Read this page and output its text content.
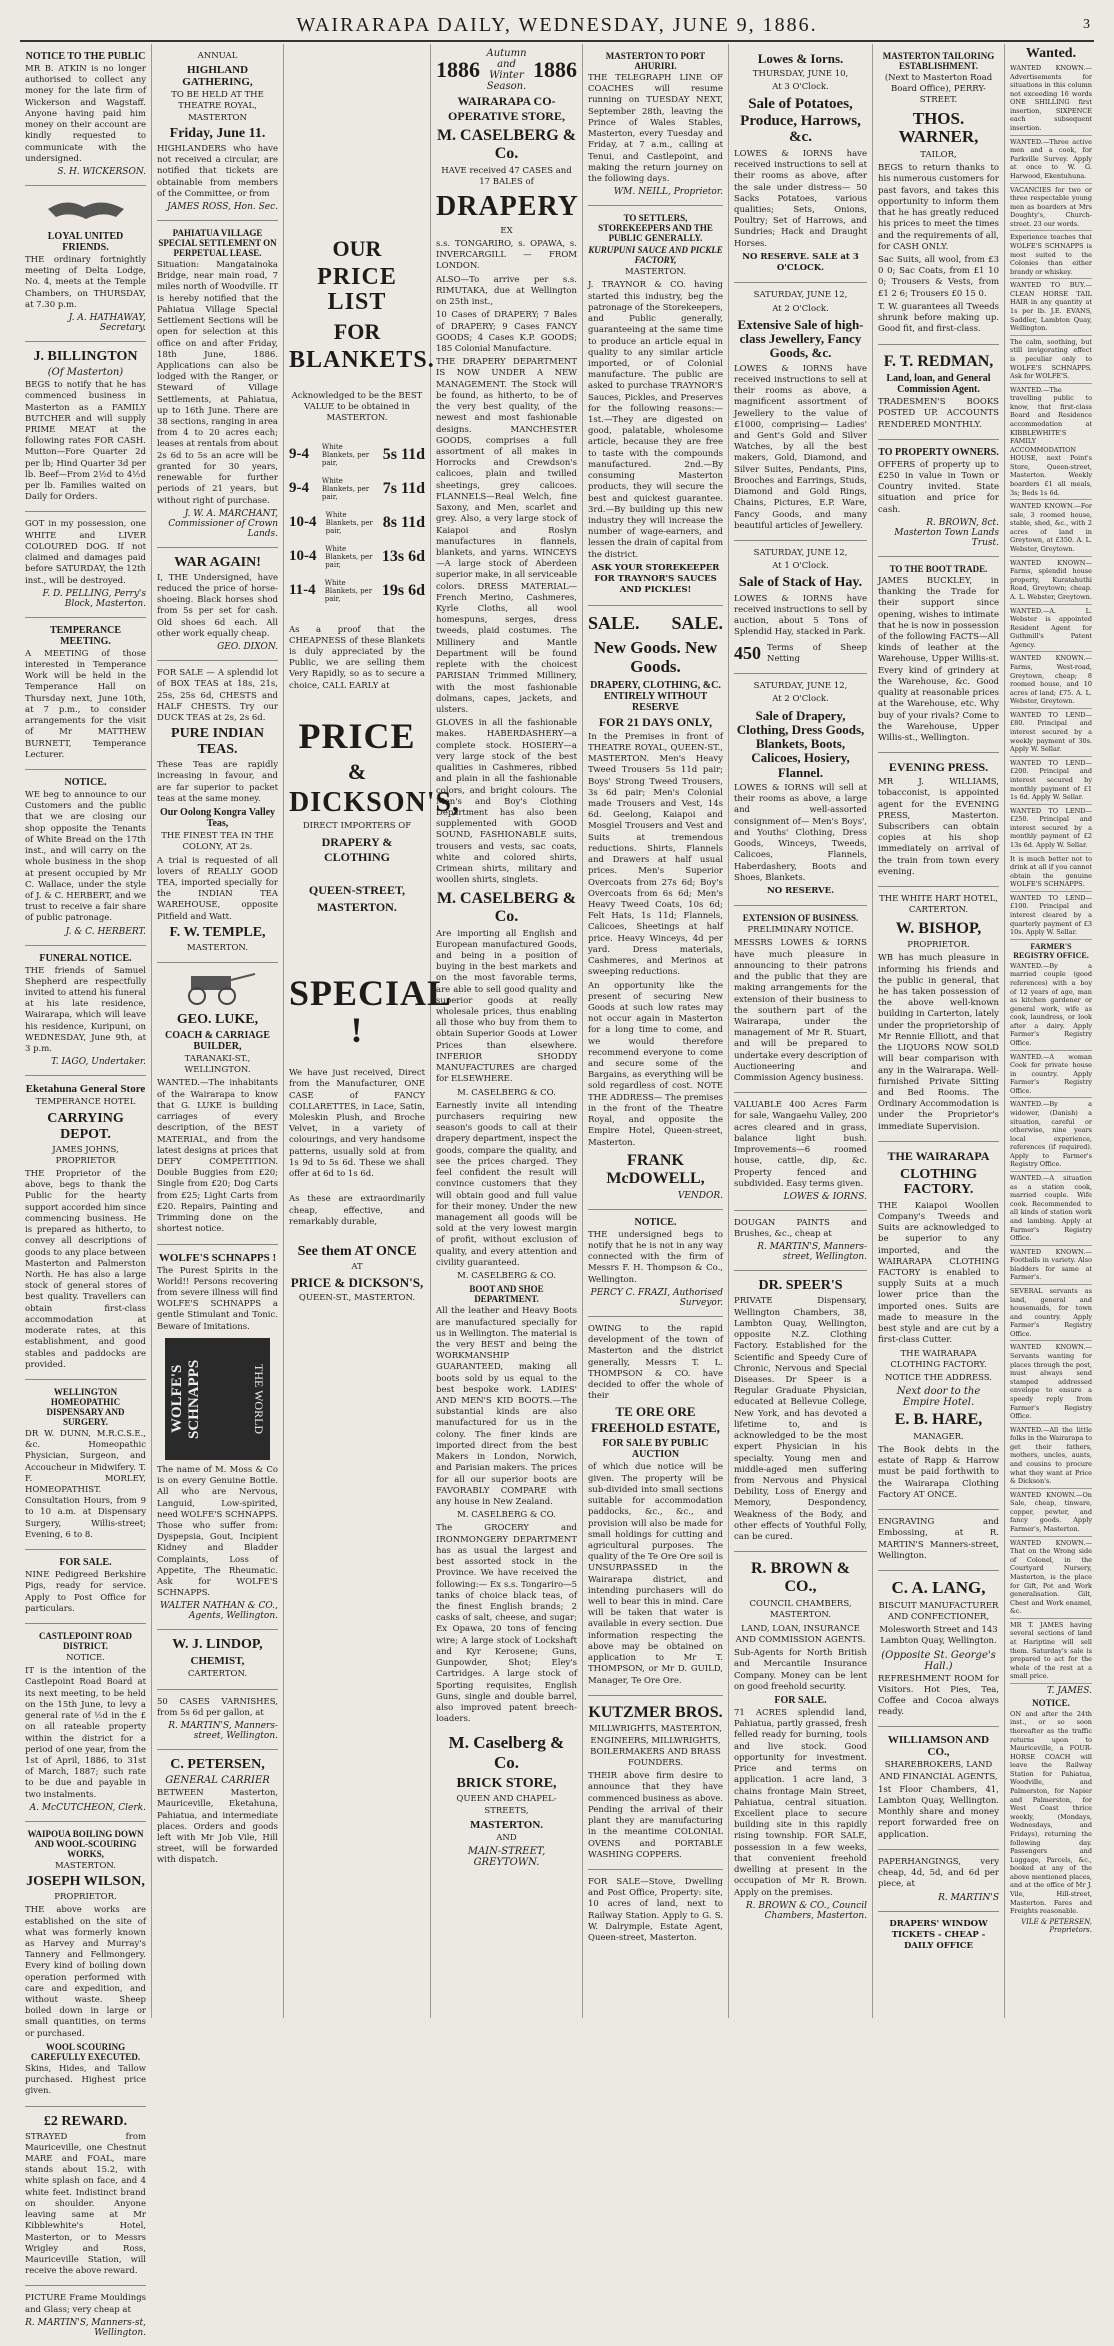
3
WAIRARAPA DAILY, WEDNESDAY, JUNE 9, 1886.
NOTICE TO THE PUBLIC
MR B. ATKIN is no longer authorised to collect any money for the late firm of Wickerson and Wagstaff. Anyone having paid him money on their account are kindly requested to communicate with the undersigned.
S. H. WICKERSON.
LOYAL UNITED FRIENDS.
THE ordinary fortnightly meeting of Delta Lodge, No. 4, meets at the Temple Chambers, on THURSDAY, at 7.30 p.m.
J. A. HATHAWAY, Secretary.
J. BILLINGTON
(Of Masterton)
BEGS to notify that he has commenced business in Masterton as a FAMILY BUTCHER and will supply PRIME MEAT at the following rates FOR CASH. Mutton—Fore Quarter 2d per lb; Hind Quarter 3d per lb. Beef—From 2½d to 4½d per lb. Families waited on Daily for Orders.
GOT in my possession, one WHITE and LIVER COLOURED DOG. If not claimed and damages paid before SATURDAY, the 12th inst., will be destroyed.
F. D. PELLING, Perry's Block, Masterton.
TEMPERANCE MEETING.
A MEETING of those interested in Temperance Work will be held in the Temperance Hall on Thursday next, June 10th, at 7 p.m., to consider arrangements for the visit of Mr MATTHEW BURNETT, Temperance Lecturer.
NOTICE.
WE beg to announce to our Customers and the public that we are closing our shop opposite the Tenants of White Bread on the 17th inst., and will carry on the whole business in the shop at present occupied by Mr C. Wallace, under the style of J. & C. HERBERT, and we trust to receive a fair share of public patronage.
J. & C. HERBERT.
FUNERAL NOTICE.
THE friends of Samuel Shepherd are respectfully invited to attend his funeral at his late residence, Wairarapa, which will leave his residence, Kuripuni, on WEDNESDAY, June 9th, at 3 p.m.
T. IAGO, Undertaker.
Eketahuna General Store
TEMPERANCE HOTEL
CARRYING DEPOT.
JAMES JOHNS, PROPRIETOR
THE Proprietor of the above, begs to thank the Public for the hearty support accorded him since commencing business. He is prepared as hitherto, to convey all descriptions of goods to any place between Masterton and Palmerston North. He has also a large stock of general stores of best quality. Travellers can obtain first-class accommodation at moderate rates, at this establishment, and good stables and paddocks are provided.
WELLINGTON HOMEOPATHIC DISPENSARY AND SURGERY.
DR W. DUNN, M.R.C.S.E., &c. Homeopathic Physician, Surgeon, and Accoucheur in Midwifery. T. F. MORLEY, HOMEOPATHIST. Consultation Hours, from 9 to 10 a.m. at Dispensary Surgery, Willis-street; Evening, 6 to 8.
FOR SALE.
NINE Pedigreed Berkshire Pigs, ready for service. Apply to Post Office for particulars.
CASTLEPOINT ROAD DISTRICT.
NOTICE.
IT is the intention of the Castlepoint Road Board at its next meeting, to be held on the 15th June, to levy a general rate of ½d in the £ on all rateable property within the district for a period of one year, from the 1st of April, 1886, to 31st of March, 1887; such rate to be due and payable in two instalments.
A. McCUTCHEON, Clerk.
WAIPOUA BOILING DOWN AND WOOL-SCOURING WORKS,
MASTERTON.
JOSEPH WILSON,
PROPRIETOR.
THE above works are established on the site of what was formerly known as Harvey and Murray's Tannery and Fellmongery. Every kind of boiling down operation performed with care and expedition, and without waste. Sheep boiled down in large or small quantities, on terms or purchased.
WOOL SCOURING CAREFULLY EXECUTED.
Skins, Hides, and Tallow purchased. Highest price given.
£2 REWARD.
STRAYED from Mauriceville, one Chestnut MARE and FOAL, mare stands about 15.2, with white splash on face, and 4 white feet. Indistinct brand on shoulder. Anyone leaving same at Mr Kibblewhite's Hotel, Masterton, or to Messrs Wrigley and Ross, Mauriceville Station, will receive the above reward.
PICTURE Frame Mouldings and Glass; very cheap at
R. MARTIN'S, Manners-st, Wellington.
ANNUAL
HIGHLAND GATHERING,
TO BE HELD AT THE THEATRE ROYAL, MASTERTON
Friday, June 11.
HIGHLANDERS who have not received a circular, are notified that tickets are obtainable from members of the Committee, or from
JAMES ROSS, Hon. Sec.
PAHIATUA VILLAGE SPECIAL SETTLEMENT ON PERPETUAL LEASE.
Situation: Mangatainoka Bridge, near main road, 7 miles north of Woodville. IT is hereby notified that the Pahiatua Village Special Settlement Sections will be open for selection at this office on and after Friday, 18th June, 1886. Applications can also be lodged with the Ranger, or Steward of Village Settlements, at Pahiatua, up to 16th June. There are 38 sections, ranging in area from 4 to 20 acres each; leases at rentals from about 2s 6d to 5s an acre will be granted for 30 years, renewable for further periods of 21 years, but without right of purchase.
J. W. A. MARCHANT, Commissioner of Crown Lands.
WAR AGAIN!
I, THE Undersigned, have reduced the price of horse-shoeing. Black horses shod from 5s per set for cash. Old shoes 6d each. All other work equally cheap.
GEO. DIXON.
FOR SALE — A splendid lot of BOX TEAS at 18s, 21s, 25s, 25s 6d, CHESTS and HALF CHESTS. Try our DUCK TEAS at 2s, 2s 6d.
PURE INDIAN TEAS.
These Teas are rapidly increasing in favour, and are far superior to packet teas at the same money.
Our Oolong Kongra Valley Teas,
THE FINEST TEA IN THE COLONY, AT 2s.
A trial is requested of all lovers of REALLY GOOD TEA, imported specially for the INDIAN TEA WAREHOUSE, opposite Pitfield and Watt.
F. W. TEMPLE,
MASTERTON.
GEO. LUKE,
COACH & CARRIAGE BUILDER,
TARANAKI-ST., WELLINGTON.
WANTED.—The inhabitants of the Wairarapa to know that G. LUKE is building carriages of every description, of the BEST MATERIAL, and from the latest designs at prices that DEFY COMPETITION. Double Buggies from £20; Single from £20; Dog Carts from £25; Light Carts from £20. Repairs, Painting and Trimming done on the shortest notice.
WOLFE'S SCHNAPPS !
The Purest Spirits in the World!! Persons recovering from severe illness will find WOLFE'S SCHNAPPS a gentle Stimulant and Tonic. Beware of Imitations.
WOLFE'S SCHNAPPS	THE WORLD
The name of M. Moss & Co is on every Genuine Bottle. All who are Nervous, Languid, Low-spirited, need WOLFE'S SCHNAPPS. Those who suffer from: Dyspepsia, Gout, Incipient Kidney and Bladder Complaints, Loss of Appetite, The Rheumatic. Ask for WOLFE'S SCHNAPPS.
WALTER NATHAN & CO., Agents, Wellington.
W. J. LINDOP,
CHEMIST,
CARTERTON.
50 CASES VARNISHES, from 5s 6d per gallon, at
R. MARTIN'S, Manners-street, Wellington.
C. PETERSEN,
GENERAL CARRIER
BETWEEN Masterton, Mauriceville, Eketahuna, Pahiatua, and intermediate places. Orders and goods left with Mr Job Vile, Hill street, will be forwarded with dispatch.
OUR
PRICE LIST
FOR
BLANKETS.
Acknowledged to be the BEST VALUE to be obtained in MASTERTON.
9-4 White Blankets, per pair,	5s 11d
9-4 White Blankets, per pair,	7s 11d
10-4 White Blankets, per pair,	8s 11d
10-4 White Blankets, per pair,	13s 6d
11-4 White Blankets, per pair,	19s 6d
As a proof that the CHEAPNESS of these Blankets is duly appreciated by the Public, we are selling them Very Rapidly, so as to secure a choice, CALL EARLY at
PRICE
&
DICKSON'S,
DIRECT IMPORTERS OF
DRAPERY & CLOTHING
QUEEN-STREET,
MASTERTON.
SPECIAL !
We have just received, Direct from the Manufacturer, ONE CASE of FANCY COLLARETTES, in Lace, Satin, Moleskin Plush, and Broche Velvet, in a variety of colourings, and very handsome patterns, usually sold at from 1s 9d to 5s 6d. These we shall offer at 6d to 1s 6d.
As these are extraordinarily cheap, effective, and remarkably durable,
See them AT ONCE
AT
PRICE & DICKSON'S,
QUEEN-ST., MASTERTON.
1886
Autumn and Winter Season.
1886
WAIRARAPA CO-OPERATIVE STORE,
M. CASELBERG & Co.
HAVE received 47 CASES and 17 BALES of
DRAPERY
EX
s.s. TONGARIRO, s. OPAWA, s. INVERCARGILL — FROM LONDON.
ALSO—To arrive per s.s. RIMUTAKA, due at Wellington on 25th inst.,
10 Cases of DRAPERY; 7 Bales of DRAPERY; 9 Cases FANCY GOODS; 4 Cases K.P. GOODS; 185 Colonial Manufacture.
THE DRAPERY DEPARTMENT IS NOW UNDER A NEW MANAGEMENT. The Stock will be found, as hitherto, to be of the very best quality, of the newest and most fashionable designs. MANCHESTER GOODS, comprises a full assortment of all makes in Horrocks and Crewdson's calicoes, plain and twilled sheetings, grey calicoes. FLANNELS—Real Welch, fine Saxony, and Men, scarlet and grey. Also, a very large stock of Kaiapoi and Roslyn manufactures in flannels, blankets, and yarns. WINCEYS—A large stock of Aberdeen superior make, in all serviceable colors. DRESS MATERIAL—French Merino, Cashmeres, Kyrle Cloths, all wool homespuns, serges, dress tweeds, plaid costumes. The Millinery and Mantle Department will be found replete with the choicest PARISIAN Trimmed Millinery, with the most fashionable dolmans, capes, jackets, and ulsters.
GLOVES in all the fashionable makes. HABERDASHERY—a complete stock. HOSIERY—a very large stock of the best qualities in Cashmeres, ribbed and plain in all the fashionable colors, and bright colours. The Men's and Boy's Clothing Department has also been supplemented with GOOD SOUND, FASHIONABLE suits, trousers and vests, sac coats, white and colored shirts, Crimean shirts, military and woollen shirts, singlets.
M. CASELBERG & Co.
Are importing all English and European manufactured Goods, and being in a position of buying in the best markets and on the most favorable terms, are able to sell good quality and superior goods at really wholesale prices, thus enabling all those who buy from them to obtain Superior Goods at Lower Prices than elsewhere. INFERIOR SHODDY MANUFACTURES are charged for ELSEWHERE.
M. CASELBERG & CO.
Earnestly invite all intending purchasers requiring new season's goods to call at their drapery department, inspect the goods, compare the quality, and see the prices charged. They feel confident the result will convince customers that they will obtain good and full value for their money. Under the new management all goods will be sold at the very lowest margin of profit, without exclusion of quality, and every attention and civility guaranteed.
M. CASELBERG & CO.
BOOT AND SHOE DEPARTMENT.
All the leather and Heavy Boots are manufactured specially for us in Wellington. The material is the very BEST and being the WORKMANSHIP GUARANTEED, making all boots sold by us equal to the best bespoke work. LADIES' AND MEN'S KID BOOTS.—The substantial kinds are also manufactured for us in the colony. The finer kinds are imported direct from the best Makers in London, Norwich, and Parisian makers. The prices for all our superior boots are FAVORABLY COMPARE with any house in New Zealand.
M. CASELBERG & CO.
The GROCERY and IRONMONGERY DEPARTMENT has as usual the largest and best assorted stock in the Province. We have received the following:— Ex s.s. Tongariro—5 tanks of choice black teas, of the finest English brands; 2 casks of salt, cheese, and sugar; Ex Opawa, 20 tons of fencing wire; A large stock of Lockshaft and Kyr Kerosene; Guns, Gunpowder, Shot; Eley's Cartridges. A large stock of Sporting requisites, English Guns, single and double barrel, also improved patent breech-loaders.
M. Caselberg & Co.
BRICK STORE,
QUEEN AND CHAPEL-STREETS,
MASTERTON.
AND
MAIN-STREET, GREYTOWN.
MASTERTON TO PORT AHURIRI.
THE TELEGRAPH LINE OF COACHES will resume running on TUESDAY NEXT, September 28th, leaving the Prince of Wales Stables, Masterton, every Tuesday and Friday, at 7 a.m., calling at Tenui, and Castlepoint, and making the return journey on the following days.
WM. NEILL, Proprietor.
TO SETTLERS, STOREKEEPERS AND THE PUBLIC GENERALLY.
KURUPUNI SAUCE AND PICKLE FACTORY,
MASTERTON.
J. TRAYNOR & CO. having started this industry, beg the patronage of the Storekeepers, and Public generally, guaranteeing at the same time to produce an article equal in quality to any similar article imported, or of Colonial manufacture. The public are asked to purchase TRAYNOR'S Sauces, Pickles, and Preserves for the following reasons:— 1st.—They are digested on good, palatable, wholesome article, because they are free to taste with the compounds manufactured. 2nd.—By consuming Masterton products, they will secure the best and quickest guarantee. 3rd.—By building up this new industry they will increase the number of wage-earners, and lessen the drain of capital from the district.
ASK YOUR STOREKEEPER FOR TRAYNOR'S SAUCES AND PICKLES!
SALE. SALE.
New Goods. New Goods.
DRAPERY, CLOTHING, &C. ENTIRELY WITHOUT RESERVE
FOR 21 DAYS ONLY,
In the Premises in front of THEATRE ROYAL, QUEEN-ST., MASTERTON. Men's Heavy Tweed Trousers 5s 11d pair; Boys' Strong Tweed Trousers, 3s 6d pair; Men's Colonial made Trousers and Vest, 14s 6d. Geelong, Kaiapoi and Mosgiel Trousers and Vest and Suits at tremendous reductions. Shirts, Flannels and Drawers at half usual prices. Men's Superior Overcoats from 27s 6d; Boy's Overcoats from 6s 6d; Men's Heavy Tweed Coats, 10s 6d; Felt Hats, 1s 11d; Flannels, Calicoes, Sheetings at half price. Heavy Winceys, 4d per yard. Dress materials, Cashmeres, and Merinos at sweeping reductions.
An opportunity like the present of securing New Goods at such low rates may not occur again in Masterton for a long time to come, and we would therefore recommend everyone to come and secure some of the Bargains, as everything will be sold regardless of cost. NOTE THE ADDRESS— The premises in the front of the Theatre Royal, and opposite the Empire Hotel, Queen-street, Masterton.
FRANK McDOWELL,
VENDOR.
NOTICE.
THE undersigned begs to notify that he is not in any way connected with the firm of Messrs F. H. Thompson & Co., Wellington.
PERCY C. FRAZI, Authorised Surveyor.
OWING to the rapid development of the town of Masterton and the district generally, Messrs T. L. THOMPSON & CO. have decided to offer the whole of their
TE ORE ORE FREEHOLD ESTATE,
FOR SALE BY PUBLIC AUCTION
of which due notice will be given. The property will be sub-divided into small sections suitable for accommodation paddocks, &c., &c., and provision will also be made for small holdings for cutting and agricultural purposes. The quality of the Te Ore Ore soil is UNSURPASSED in the Wairarapa district, and intending purchasers will do well to bear this in mind. Care will be taken that water is available in every section. Due information respecting the above may be obtained on application to Mr T. THOMPSON, or Mr D. GUILD, Manager, Te Ore Ore.
KUTZMER BROS.
MILLWRIGHTS, MASTERTON, ENGINEERS, MILLWRIGHTS, BOILERMAKERS AND BRASS FOUNDERS.
THEIR above firm desire to announce that they have commenced business as above. Pending the arrival of their plant they are manufacturing in the meantime COLONIAL OVENS and PORTABLE WASHING COPPERS.
FOR SALE—Stove, Dwelling and Post Office, Property: site, 10 acres of land, next to Railway Station. Apply to G. S. W. Dalrymple, Estate Agent, Queen-street, Masterton.
Lowes & Iorns.
THURSDAY, JUNE 10,
At 3 O'Clock.
Sale of Potatoes, Produce, Harrows, &c.
LOWES & IORNS have received instructions to sell at their rooms as above, after the sale under distress— 50 Sacks Potatoes, various qualities; Sets, Onions, Poultry; Set of Harrows, and Sundries; Hack and Draught Horses.
NO RESERVE. SALE at 3 O'CLOCK.
SATURDAY, JUNE 12,
At 2 O'Clock.
Extensive Sale of high-class Jewellery, Fancy Goods, &c.
LOWES & IORNS have received instructions to sell at their rooms as above, a magnificent assortment of Jewellery to the value of £1000, comprising— Ladies' and Gent's Gold and Silver Watches, by all the best makers, Gold, Diamond, and Silver Suites, Pendants, Pins, Brooches and Earrings, Studs, Diamond and Gold Rings, Chains, Pictures, E.P. Ware, Fancy Goods, and many beautiful articles of Jewellery.
SATURDAY, JUNE 12,
At 1 O'Clock.
Sale of Stack of Hay.
LOWES & IORNS have received instructions to sell by auction, about 5 Tons of Splendid Hay, stacked in Park.
450 Terms of Sheep Netting
SATURDAY, JUNE 12,
At 2 O'Clock.
Sale of Drapery, Clothing, Dress Goods, Blankets, Boots, Calicoes, Hosiery, Flannel.
LOWES & IORNS will sell at their rooms as above, a large and well-assorted consignment of— Men's Boys', and Youths' Clothing, Dress Goods, Winceys, Tweeds, Calicoes, Flannels, Haberdashery, Boots and Shoes, Blankets.
NO RESERVE.
EXTENSION OF BUSINESS.
PRELIMINARY NOTICE.
MESSRS LOWES & IORNS have much pleasure in announcing to their patrons and the public that they are making arrangements for the extension of their business to the southern part of the Wairarapa, under the management of Mr R. Stuart, and will be prepared to undertake every description of Auctioneering and Commission Agency business.
VALUABLE 400 Acres Farm for sale, Wangaehu Valley, 200 acres cleared and in grass, balance light bush. Improvements—6 roomed house, cattle, dip, &c. Property fenced and subdivided. Easy terms given.
LOWES & IORNS.
DOUGAN PAINTS and Brushes, &c., cheap at
R. MARTIN'S, Manners-street, Wellington.
DR. SPEER'S
PRIVATE Dispensary, Wellington Chambers, 38, Lambton Quay, Wellington, opposite N.Z. Clothing Factory. Established for the Scientific and Speedy Cure of Chronic, Nervous and Special Diseases. Dr Speer is a Regular Graduate Physician, educated at Bellevue College, New York, and has devoted a lifetime to, and is acknowledged to be the most expert Physician in his specialty. Young men and middle-aged men suffering from Nervous and Physical Debility, Loss of Energy and Memory, Despondency, Weakness of the Body, and other effects of Youthful Folly, can be cured.
R. BROWN & CO.,
COUNCIL CHAMBERS, MASTERTON.
LAND, LOAN, INSURANCE AND COMMISSION AGENTS.
Sub-Agents for North British and Mercantile Insurance Company. Money can be lent on good freehold security.
FOR SALE.
71 ACRES splendid land, Pahiatua, partly grassed, fresh felled ready for burning, tools and live stock. Good opportunity for investment. Price and terms on application. 1 acre land, 3 chains frontage Main Street, Pahiatua, central situation. Excellent place to secure building site in this rapidly rising township. FOR SALE, possession in a few weeks, that convenient freehold dwelling at present in the occupation of Mr R. Brown. Apply on the premises.
R. BROWN & CO., Council Chambers, Masterton.
MASTERTON TAILORING ESTABLISHMENT.
(Next to Masterton Road Board Office), PERRY-STREET.
THOS. WARNER,
TAILOR,
BEGS to return thanks to his numerous customers for past favors, and takes this opportunity to inform them that he has greatly reduced his prices to meet the times and the requirements of all, for CASH ONLY.
Sac Suits, all wool, from £3 0 0; Sac Coats, from £1 10 0; Trousers & Vests, from £1 2 6; Trousers £0 15 0.
T. W. guarantees all Tweeds shrunk before making up. Good fit, and first-class.
F. T. REDMAN,
Land, loan, and General Commission Agent.
TRADESMEN'S BOOKS POSTED UP. ACCOUNTS RENDERED MONTHLY.
TO PROPERTY OWNERS.
OFFERS of property up to £250 in value in Town or Country invited. State situation and price for cash.
R. BROWN, 8ct. Masterton Town Lands Trust.
TO THE BOOT TRADE.
JAMES BUCKLEY, in thanking the Trade for their support since opening, wishes to intimate that he is now in possession of the following FACTS—All kinds of leather at the Warehouse, Upper Willis-st. Every kind of grindery at the Warehouse, &c. Good quality at reasonable prices at the Warehouse, etc. Why buy of your rivals? Come to the Warehouse, Upper Willis-st., Wellington.
EVENING PRESS.
MR J. WILLIAMS, tobacconist, is appointed agent for the EVENING PRESS, Masterton. Subscribers can obtain copies at his shop immediately on arrival of the train from town every evening.
THE WHITE HART HOTEL, CARTERTON.
W. BISHOP,
PROPRIETOR.
WB has much pleasure in informing his friends and the public in general, that he has taken possession of the above well-known building in Carterton, lately under the proprietorship of Mr Rennie Elliott, and that the LIQUORS NOW SOLD will bear comparison with any in the Wairarapa. Well-furnished Private Sitting and Bed Rooms. The Ordinary Accommodation is under the Proprietor's immediate Supervision.
THE WAIRARAPA
CLOTHING FACTORY.
THE Kaiapoi Woollen Company's Tweeds and Suits are acknowledged to be superior to any imported, and the WAIRARAPA CLOTHING FACTORY is enabled to supply Suits at a much lower price than the imported ones. Suits are made to measure in the best style and are cut by a first-class Cutter.
THE WAIRARAPA CLOTHING FACTORY.
NOTICE THE ADDRESS.
Next door to the Empire Hotel.
E. B. HARE,
MANAGER.
The Book debts in the estate of Rapp & Harrow must be paid forthwith to the Wairarapa Clothing Factory AT ONCE.
ENGRAVING and Embossing, at R. MARTIN'S Manners-street, Wellington.
C. A. LANG,
BISCUIT MANUFACTURER AND CONFECTIONER,
Molesworth Street and 143 Lambton Quay, Wellington.
(Opposite St. George's Hall.)
REFRESHMENT ROOM for Visitors. Hot Pies, Tea, Coffee and Cocoa always ready.
WILLIAMSON AND CO.,
SHAREBROKERS, LAND AND FINANCIAL AGENTS,
1st Floor Chambers, 41, Lambton Quay, Wellington. Monthly share and money report forwarded free on application.
PAPERHANGINGS, very cheap, 4d, 5d, and 6d per piece, at
R. MARTIN'S
DRAPERS' WINDOW TICKETS - CHEAP - DAILY OFFICE
Wanted.
WANTED KNOWN.—Advertisements for situations in this column not exceeding 16 words ONE SHILLING first insertion, SIXPENCE each subsequent insertion.
WANTED.—Three active men and a cook, for Parkville Survey. Apply at once to W. G. Harwood, Ekentuhuna.
VACANCIES for two or three respectable young men as boarders at Mrs Doughty's, Church-street. 23 our words.
Experience teaches that WOLFE'S SCHNAPPS is most suited to the Colonies than either brandy or whiskey.
WANTED TO BUY.—CLEAN HORSE TAIL HAIR in any quantity at 1s per lb. J.E. EVANS, Saddler, Lambton Quay, Wellington.
The calm, soothing, but still invigorating effect is peculiar only to WOLFE'S SCHNAPPS. Ask for WOLFE'S.
WANTED.—The travelling public to know, that first-class Board and Residence accommodation at KIBBLEWHITE'S FAMILY ACCOMMODATION HOUSE, next Point's Store, Queen-street, Masterton. Weekly boarders £1 all meals, 3s; Beds 1s 6d.
WANTED KNOWN.—For sale, 3 roomed house, stable, shed, &c., with 2 acres of land in Greytown, at £350. A. L. Webster, Greytown.
WANTED KNOWN—Farms, splendid house property, Kuratahuthi Road, Greytown; cheap. A. L. Webster, Greytown.
WANTED.—A. L. Webster is appointed Resident Agent for Guthmill's Patent Agency.
WANTED KNOWN.—Farms, West-road, Greytown, cheap; 8 roomed house, and 10 acres of land; £75. A. L. Webster, Greytown.
WANTED TO LEND—£80. Principal and interest secured by a weekly payment of 30s. Apply W. Sellar.
WANTED TO LEND—£200. Principal and interest secured by monthly payment of £1 1s 6d. Apply W. Sellar.
WANTED TO LEND—£250. Principal and interest secured by a monthly payment of £2 13s 6d. Apply W. Sellar.
It is much better not to drink at all if you cannot obtain the genuine WOLFE'S SCHNAPPS.
WANTED TO LEND—£100. Principal and interest cleared by a quarterly payment of £3 10s. Apply W. Sellar.
FARMER'S REGISTRY OFFICE.
WANTED.—By a married couple (good references) with a boy of 12 years of age, man as kitchen gardener or general work, wife as cook, laundress, or look after a dairy. Apply Farmer's Registry Office.
WANTED.—A woman Cook for private house in country. Apply Farmer's Registry Office.
WANTED.—By a widower, (Danish) a situation, careful or otherwise, nine years local experience, references (if required). Apply to Farmer's Registry Office.
WANTED.—A situation as a station cook, married couple. Wife cook. Recommended to all kinds of station work and lambing. Apply at Farmer's Registry Office.
WANTED KNOWN.—Footballs in variety. Also bladders for same at Farmer's.
SEVERAL servants as land, general and housemaids, for town and country. Apply Farmer's Registry Office.
WANTED KNOWN.—Servants wanting for places through the post, must always send stamped addressed envelope to ensure a speedy reply from Farmer's Registry Office.
WANTED.—All the little folks in the Wairarapa to get their fathers, mothers, uncles, aunts, and cousins to procure what they want at Price & Dickson's.
WANTED KNOWN.—On Sale, cheap, tinware, copper, pewter, and fancy goods. Apply Farmer's, Masterton.
WANTED KNOWN.—That on the Wrong side of Colonel, in the Courtyard Nursery, Masterton, is the place for Gift, Pot and Work generalisation. Gilt, Chest and Work enamel, &c.
MR T. JAMES having several sections of land at Hariptine will sell them. Saturday's sale is prepared to act for the whole of the rest at a small price.
T. JAMES.
NOTICE.
ON and after the 24th inst., or so soon thereafter as the traffic returns upon to Mauriceville, a FOUR-HORSE COACH will leave the Railway Station for Pahiatua, Woodville, and Palmerston, for Napier and Palmerston, for West Coast thrice weekly, (Mondays, Wednesdays, and Fridays), returning the following day. Passengers and Luggage, Parcels, &c., booked at any of the above mentioned places, and at the office of Mr J. Vile, Hill-street, Masterton. Fares and Freights reasonable.
VILE & PETERSEN, Proprietors.
